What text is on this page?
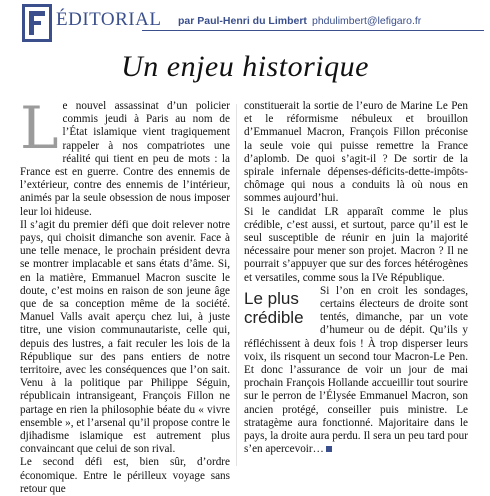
ÉDITORIAL par Paul-Henri du Limbert phdulimbert@lefigaro.fr
Un enjeu historique
L e nouvel assassinat d’un policier commis jeudi à Paris au nom de l’État islamique vient tragiquement rappeler à nos compatriotes une réalité qui tient en peu de mots : la France est en guerre. Contre des ennemis de l’extérieur, contre des ennemis de l’intérieur, animés par la seule obsession de nous imposer leur loi hideuse.

Il s’agit du premier défi que doit relever notre pays, qui choisit dimanche son avenir. Face à une telle menace, le prochain président devra se montrer implacable et sans états d’âme. Si, en la matière, Emmanuel Macron suscite le doute, c’est moins en raison de son jeune âge que de sa conception même de la société. Manuel Valls avait aperçu chez lui, à juste titre, une vision communautariste, celle qui, depuis des lustres, a fait reculer les lois de la République sur des pans entiers de notre territoire, avec les conséquences que l’on sait. Venu à la politique par Philippe Séguin, républicain intransigeant, François Fillon ne partage en rien la philosophie béate du « vivre ensemble », et l’arsenal qu’il propose contre le djihadisme islamique est autrement plus convaincant que celui de son rival.

Le second défi est, bien sûr, d’ordre économique. Entre le périlleux voyage sans retour que

constituerait la sortie de l’euro de Marine Le Pen et le réformisme nébuleux et brouillon d’Emmanuel Macron, François Fillon préconise la seule voie qui puisse remettre la France d’aplomb. De quoi s’agit-il ? De sortir de la spirale infernale dépenses-déficits-dette-impôts-chômage qui nous a conduits là où nous en sommes aujourd’hui.

Si le candidat LR apparaît comme le plus crédible, c’est aussi, et surtout, parce qu’il est le seul susceptible de réunir en juin la majorité nécessaire pour mener son projet. Macron ? Il ne pourrait s’appuyer que sur des forces hétérogènes et versatiles, comme sous la IVe République.

Le plus
crédible

Si l’on en croit les sondages, certains électeurs de droite sont tentés, dimanche, par un vote d’humeur ou de dépit. Qu’ils y réfléchissent à deux fois ! À trop disperser leurs voix, ils risquent un second tour Macron-Le Pen. Et donc l’assurance de voir un jour de mai prochain François Hollande accueillir tout sourire sur le perron de l’Élysée Emmanuel Macron, son ancien protégé, conseiller puis ministre. Le stratagème aura fonctionné. Majoritaire dans le pays, la droite aura perdu. Il sera un peu tard pour s’en apercevoir…
